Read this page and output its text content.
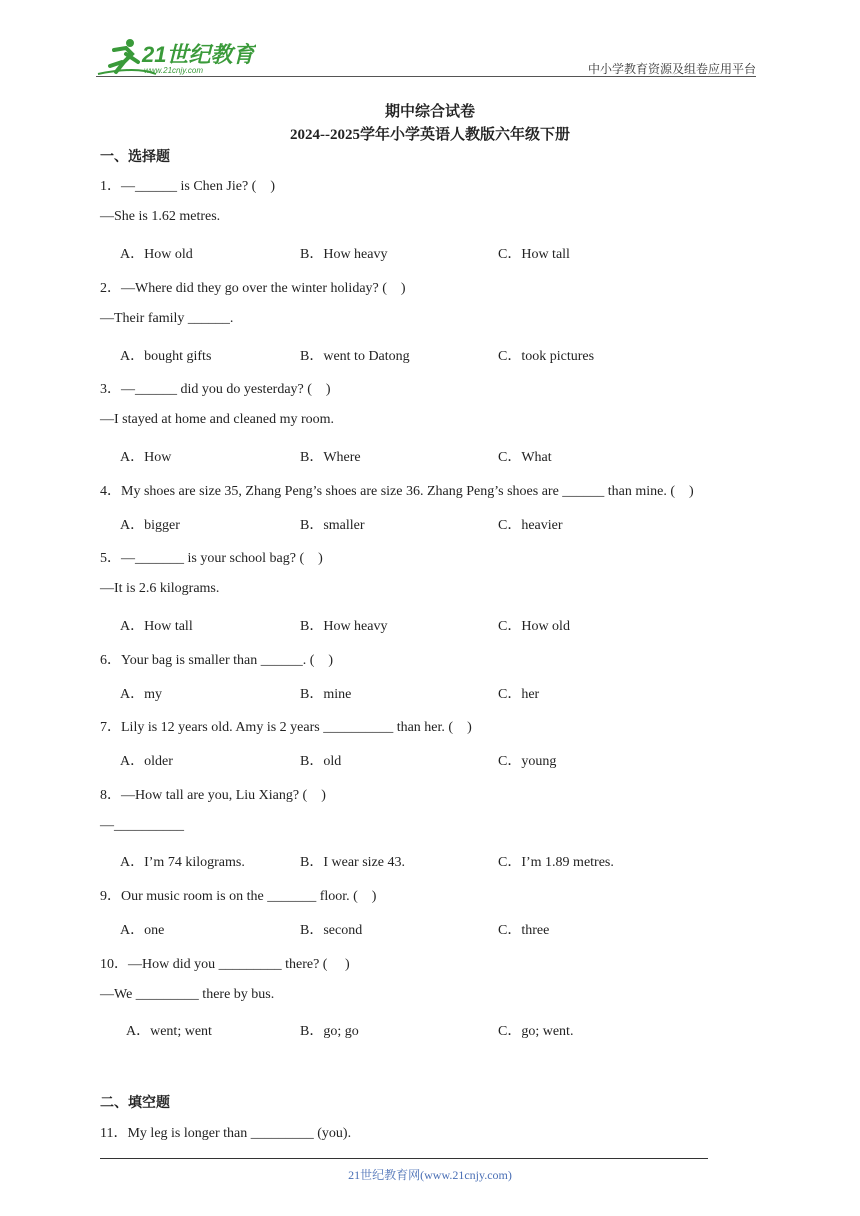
21世纪教育
www.21cnjy.com	中小学教育资源及组卷应用平台
期中综合试卷
2024--2025学年小学英语人教版六年级下册
一、选择题
1．—______ is Chen Jie? (　)
—She is 1.62 metres.
A．How old	B．How heavy	C．How tall
2．—Where did they go over the winter holiday? (　)
—Their family ______.
A．bought gifts	B．went to Datong	C．took pictures
3．—______ did you do yesterday? (　)
—I stayed at home and cleaned my room.
A．How	B．Where	C．What
4．My shoes are size 35, Zhang Peng’s shoes are size 36. Zhang Peng’s shoes are ______ than mine. (　)
A．bigger	B．smaller	C．heavier
5．—_______ is your school bag? (　)
—It is 2.6 kilograms.
A．How tall	B．How heavy	C．How old
6．Your bag is smaller than ______. (　)
A．my	B．mine	C．her
7．Lily is 12 years old. Amy is 2 years __________ than her. (　)
A．older	B．old	C．young
8．—How tall are you, Liu Xiang? (　)
—__________
A．I’m 74 kilograms.	B．I wear size 43.	C．I’m 1.89 metres.
9．Our music room is on the _______ floor. (　)
A．one	B．second	C．three
10．—How did you _________ there? (　 )
—We _________ there by bus.
A．went; went	B．go; go	C．go; went.
二、填空题
11．My leg is longer than _________ (you).
21世纪教育网(www.21cnjy.com)
